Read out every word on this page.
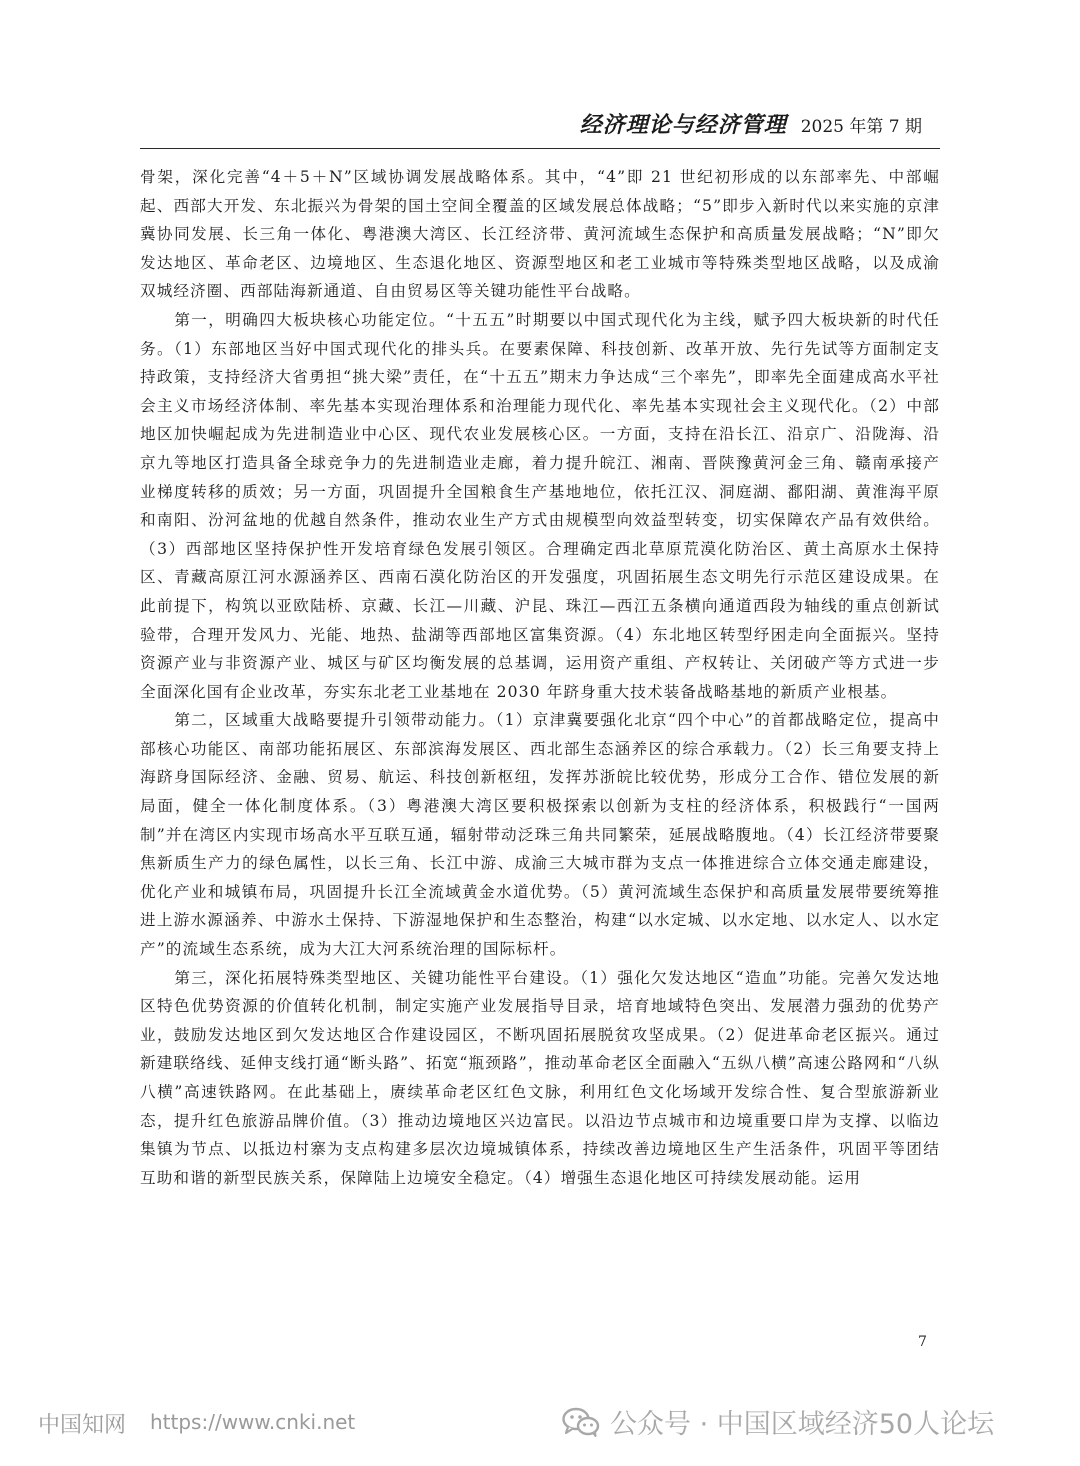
经济理论与经济管理 2025 年第 7 期

骨架，深化完善“4＋5＋N”区域协调发展战略体系。其中，“4”即 21 世纪初形成的以东部率先、中部崛起、西部大开发、东北振兴为骨架的国土空间全覆盖的区域发展总体战略；“5”即步入新时代以来实施的京津冀协同发展、长三角一体化、粤港澳大湾区、长江经济带、黄河流域生态保护和高质量发展战略；“N”即欠发达地区、革命老区、边境地区、生态退化地区、资源型地区和老工业城市等特殊类型地区战略，以及成渝双城经济圈、西部陆海新通道、自由贸易区等关键功能性平台战略。

第一，明确四大板块核心功能定位。“十五五”时期要以中国式现代化为主线，赋予四大板块新的时代任务。（1）东部地区当好中国式现代化的排头兵。在要素保障、科技创新、改革开放、先行先试等方面制定支持政策，支持经济大省勇担“挑大梁”责任，在“十五五”期末力争达成“三个率先”，即率先全面建成高水平社会主义市场经济体制、率先基本实现治理体系和治理能力现代化、率先基本实现社会主义现代化。（2）中部地区加快崛起成为先进制造业中心区、现代农业发展核心区。一方面，支持在沿长江、沿京广、沿陇海、沿京九等地区打造具备全球竞争力的先进制造业走廊，着力提升皖江、湘南、晋陕豫黄河金三角、赣南承接产业梯度转移的质效；另一方面，巩固提升全国粮食生产基地地位，依托江汉、洞庭湖、鄱阳湖、黄淮海平原和南阳、汾河盆地的优越自然条件，推动农业生产方式由规模型向效益型转变，切实保障农产品有效供给。（3）西部地区坚持保护性开发培育绿色发展引领区。合理确定西北草原荒漠化防治区、黄土高原水土保持区、青藏高原江河水源涵养区、西南石漠化防治区的开发强度，巩固拓展生态文明先行示范区建设成果。在此前提下，构筑以亚欧陆桥、京藏、长江—川藏、沪昆、珠江—西江五条横向通道西段为轴线的重点创新试验带，合理开发风力、光能、地热、盐湖等西部地区富集资源。（4）东北地区转型纾困走向全面振兴。坚持资源产业与非资源产业、城区与矿区均衡发展的总基调，运用资产重组、产权转让、关闭破产等方式进一步全面深化国有企业改革，夯实东北老工业基地在 2030 年跻身重大技术装备战略基地的新质产业根基。

第二，区域重大战略要提升引领带动能力。（1）京津冀要强化北京“四个中心”的首都战略定位，提高中部核心功能区、南部功能拓展区、东部滨海发展区、西北部生态涵养区的综合承载力。（2）长三角要支持上海跻身国际经济、金融、贸易、航运、科技创新枢纽，发挥苏浙皖比较优势，形成分工合作、错位发展的新局面，健全一体化制度体系。（3）粤港澳大湾区要积极探索以创新为支柱的经济体系，积极践行“一国两制”并在湾区内实现市场高水平互联互通，辐射带动泛珠三角共同繁荣，延展战略腹地。（4）长江经济带要聚焦新质生产力的绿色属性，以长三角、长江中游、成渝三大城市群为支点一体推进综合立体交通走廊建设，优化产业和城镇布局，巩固提升长江全流域黄金水道优势。（5）黄河流域生态保护和高质量发展带要统筹推进上游水源涵养、中游水土保持、下游湿地保护和生态整治，构建“以水定城、以水定地、以水定人、以水定产”的流域生态系统，成为大江大河系统治理的国际标杆。

第三，深化拓展特殊类型地区、关键功能性平台建设。（1）强化欠发达地区“造血”功能。完善欠发达地区特色优势资源的价值转化机制，制定实施产业发展指导目录，培育地域特色突出、发展潜力强劲的优势产业，鼓励发达地区到欠发达地区合作建设园区，不断巩固拓展脱贫攻坚成果。（2）促进革命老区振兴。通过新建联络线、延伸支线打通“断头路”、拓宽“瓶颈路”，推动革命老区全面融入“五纵八横”高速公路网和“八纵八横”高速铁路网。在此基础上，赓续革命老区红色文脉，利用红色文化场域开发综合性、复合型旅游新业态，提升红色旅游品牌价值。（3）推动边境地区兴边富民。以沿边节点城市和边境重要口岸为支撑、以临边集镇为节点、以抵边村寨为支点构建多层次边境城镇体系，持续改善边境地区生产生活条件，巩固平等团结互助和谐的新型民族关系，保障陆上边境安全稳定。（4）增强生态退化地区可持续发展动能。运用

7
中国知网 https://www.cnki.net	公众号 · 中国区域经济50人论坛
